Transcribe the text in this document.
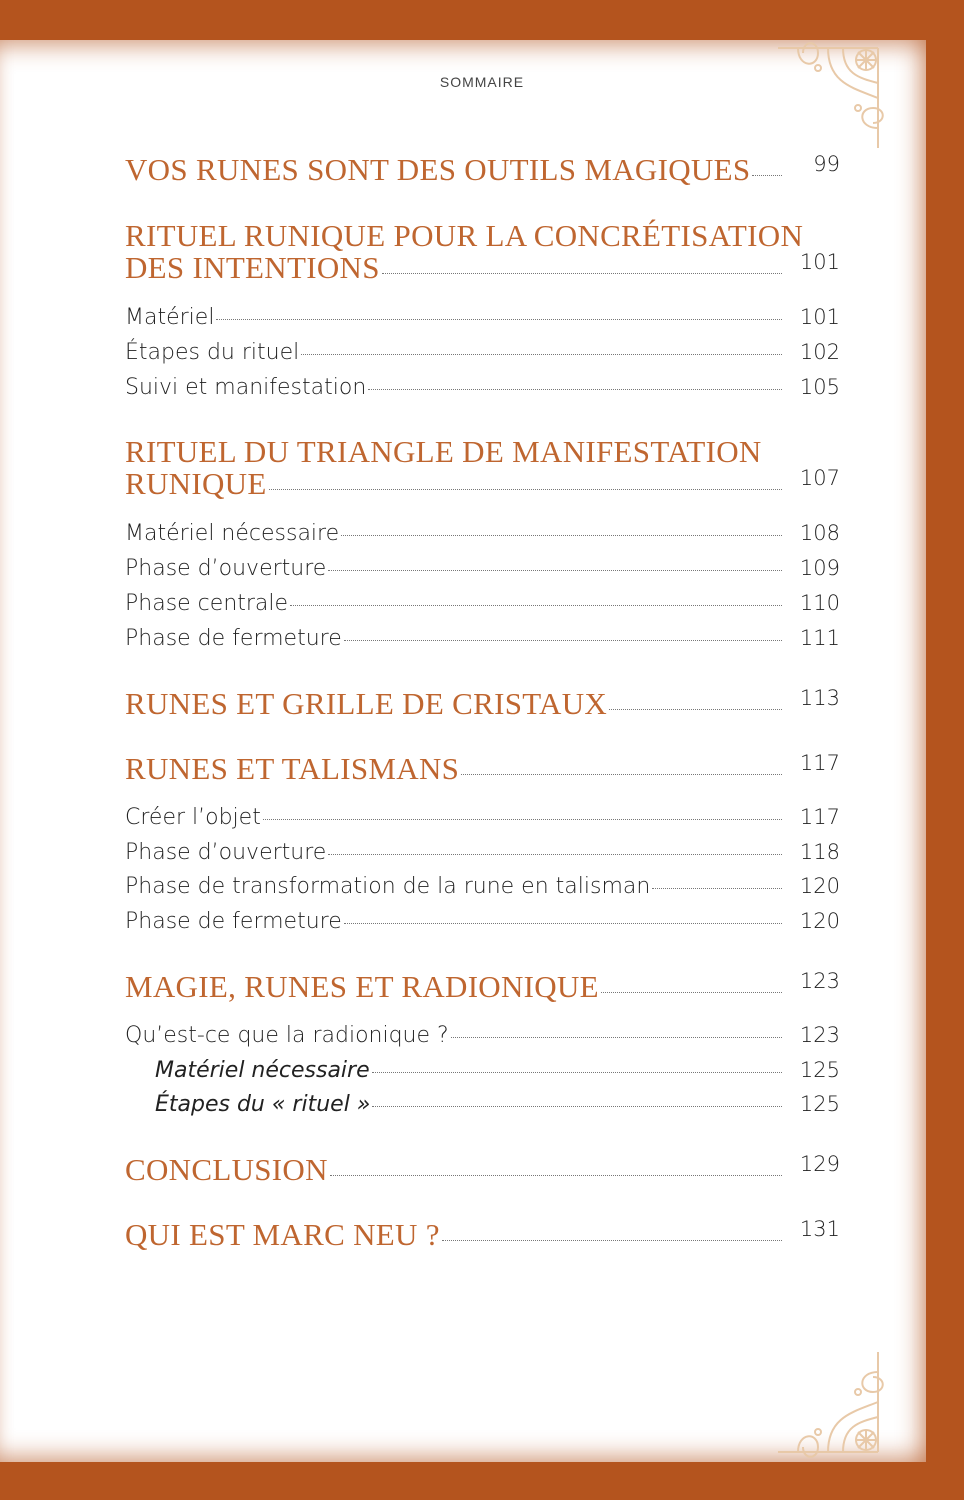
SOMMAIRE
VOS RUNES SONT DES OUTILS MAGIQUES	99
RITUEL RUNIQUE POUR LA CONCRÉTISATION
DES INTENTIONS	101
Matériel	101
Étapes du rituel	102
Suivi et manifestation	105
RITUEL DU TRIANGLE DE MANIFESTATION
RUNIQUE	107
Matériel nécessaire	108
Phase d’ouverture	109
Phase centrale	110
Phase de fermeture	111
RUNES ET GRILLE DE CRISTAUX	113
RUNES ET TALISMANS	117
Créer l’objet	117
Phase d’ouverture	118
Phase de transformation de la rune en talisman	120
Phase de fermeture	120
MAGIE, RUNES ET RADIONIQUE	123
Qu’est-ce que la radionique ?	123
Matériel nécessaire	125
Étapes du « rituel »	125
CONCLUSION	129
QUI EST MARC NEU ?	131
